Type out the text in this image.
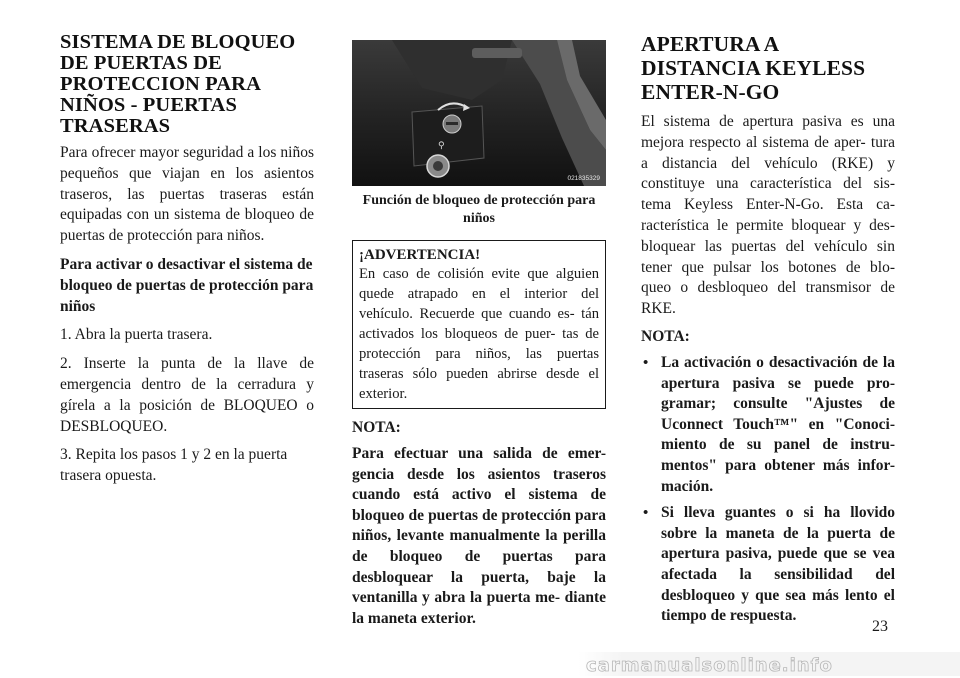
SISTEMA DE BLOQUEO DE PUERTAS DE PROTECCION PARA NIÑOS - PUERTAS TRASERAS

Para ofrecer mayor seguridad a los niños pequeños que viajan en los asientos traseros, las puertas traseras están equipadas con un sistema de bloqueo de puertas de protección para niños.

Para activar o desactivar el sistema de bloqueo de puertas de protección para niños

1. Abra la puerta trasera.

2. Inserte la punta de la llave de emergencia dentro de la cerradura y gírela a la posición de BLOQUEO o DESBLOQUEO.

3. Repita los pasos 1 y 2 en la puerta trasera opuesta.

⚲
021835329
Función de bloqueo de protección para niños
¡ADVERTENCIA!

En caso de colisión evite que alguien quede atrapado en el interior del vehículo. Recuerde que cuando es- tán activados los bloqueos de puer- tas de protección para niños, las puertas traseras sólo pueden abrirse desde el exterior.

NOTA:

Para efectuar una salida de emer- gencia desde los asientos traseros cuando está activo el sistema de bloqueo de puertas de protección para niños, levante manualmente la perilla de bloqueo de puertas para desbloquear la puerta, baje la ventanilla y abra la puerta me- diante la maneta exterior.

APERTURA A DISTANCIA KEYLESS ENTER-N-GO

El sistema de apertura pasiva es una mejora respecto al sistema de aper- tura a distancia del vehículo (RKE) y constituye una característica del sis- tema Keyless Enter-N-Go. Esta ca- racterística le permite bloquear y des- bloquear las puertas del vehículo sin tener que pulsar los botones de blo- queo o desbloqueo del transmisor de RKE.

NOTA:
• La activación o desactivación de la apertura pasiva se puede pro- gramar; consulte "Ajustes de Uconnect Touch™" en "Conoci- miento de su panel de instru- mentos" para obtener más infor- mación.
• Si lleva guantes o si ha llovido sobre la maneta de la puerta de apertura pasiva, puede que se vea afectada la sensibilidad del desbloqueo y que sea más lento el tiempo de respuesta.
23
carmanualsonline.info
